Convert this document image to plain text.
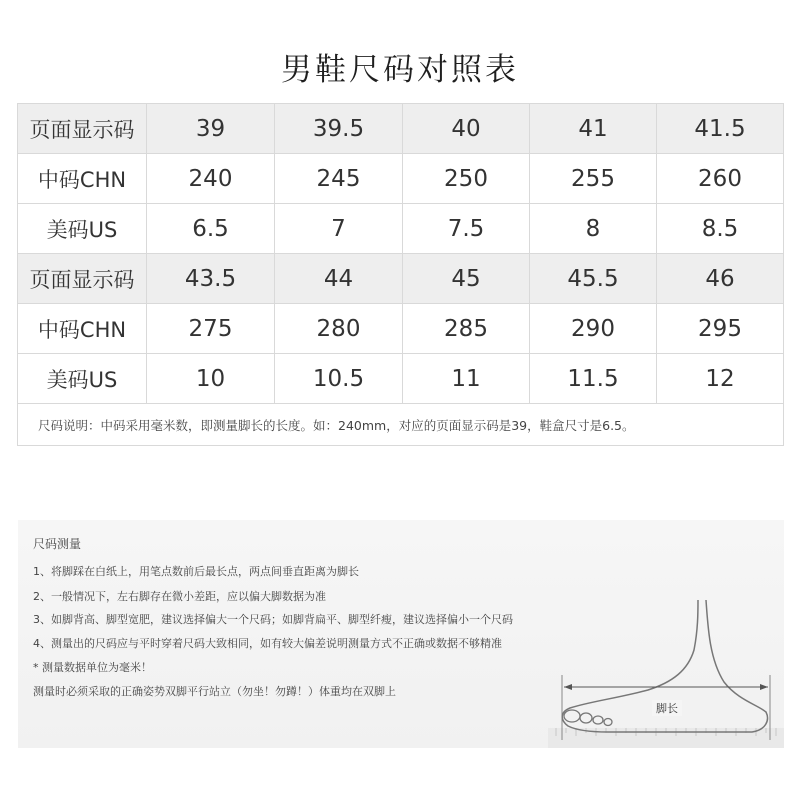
男鞋尺码对照表
页面显示码	39	39.5	40	41	41.5
中码CHN	240	245	250	255	260
美码US	6.5	7	7.5	8	8.5
页面显示码	43.5	44	45	45.5	46
中码CHN	275	280	285	290	295
美码US	10	10.5	11	11.5	12
尺码说明：中码采用毫米数，即测量脚长的长度。如：240mm，对应的页面显示码是39，鞋盒尺寸是6.5。					
尺码测量
1、将脚踩在白纸上，用笔点数前后最长点，两点间垂直距离为脚长
2、一般情况下，左右脚存在微小差距，应以偏大脚数据为准
3、如脚背高、脚型宽肥，建议选择偏大一个尺码；如脚背扁平、脚型纤瘦，建议选择偏小一个尺码
4、测量出的尺码应与平时穿着尺码大致相同，如有较大偏差说明测量方式不正确或数据不够精准
* 测量数据单位为毫米！
测量时必须采取的正确姿势双脚平行站立（勿坐！勿蹲！）体重均在双脚上
脚长
